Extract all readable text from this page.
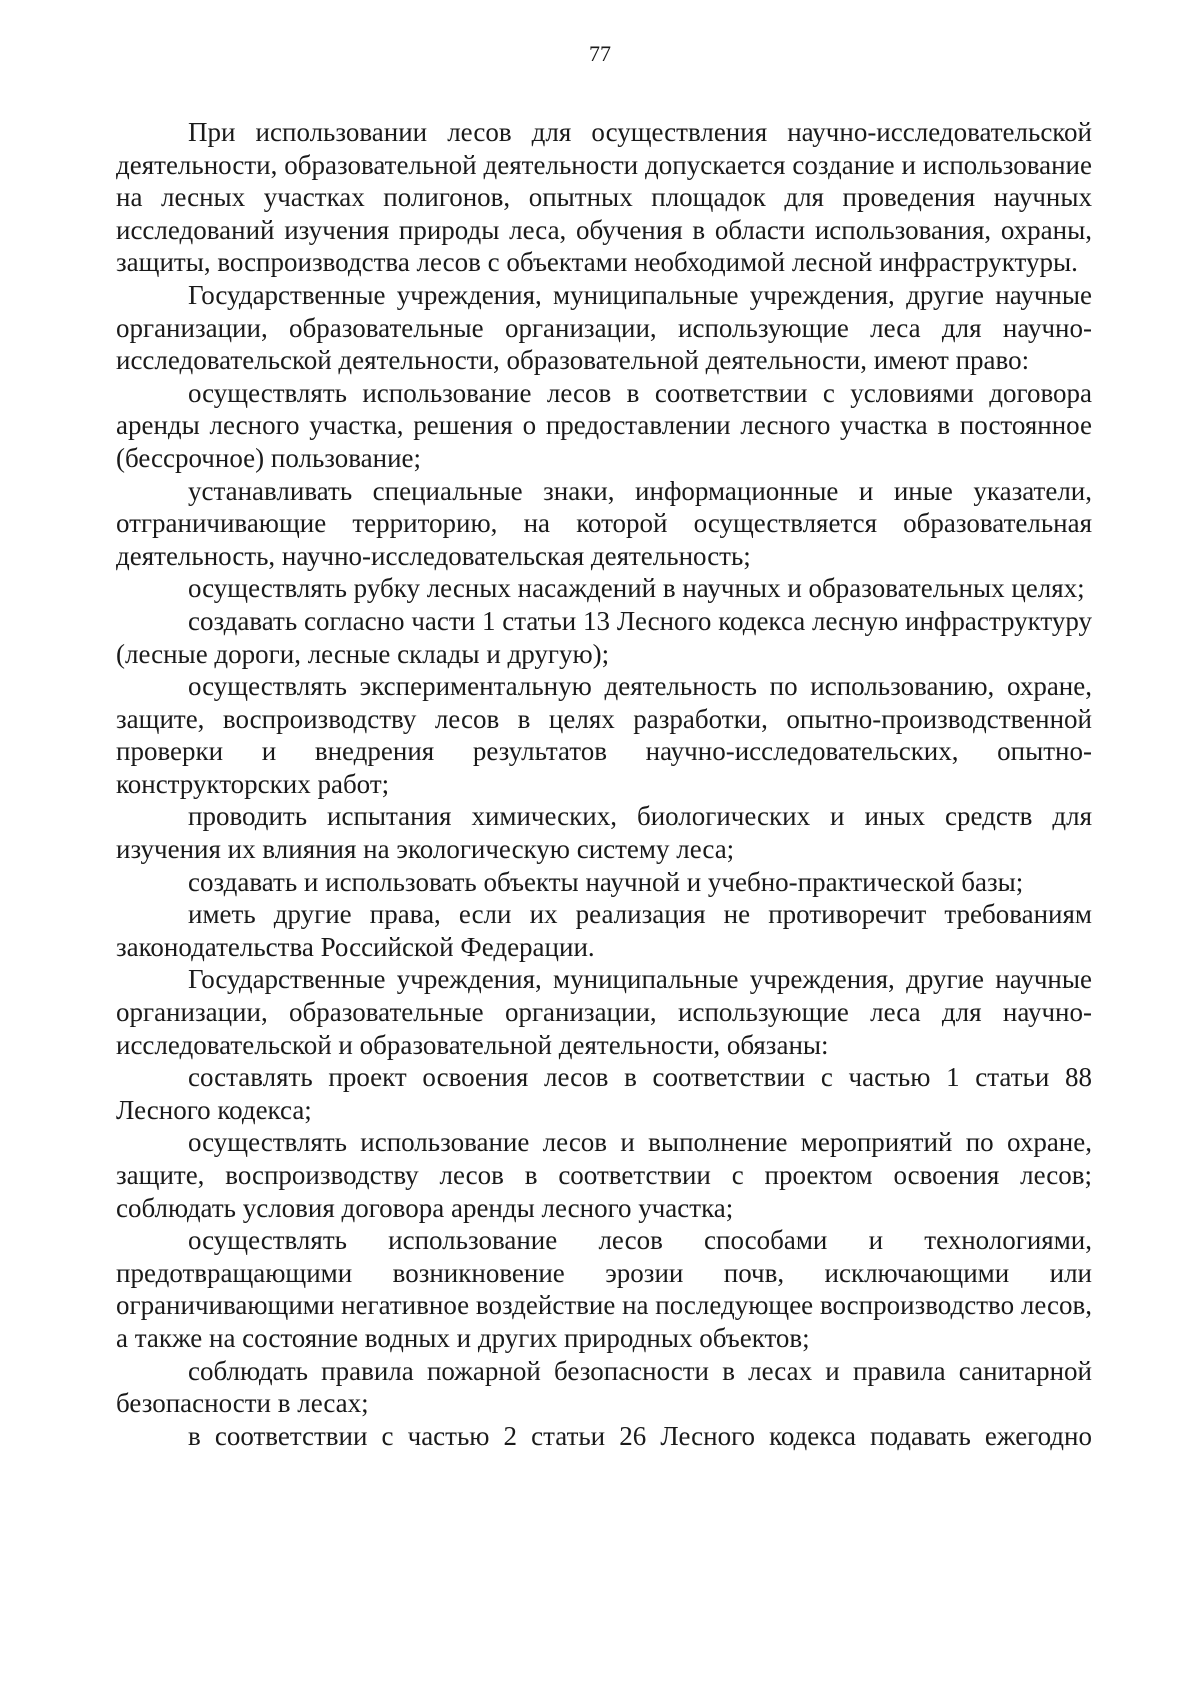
77

При использовании лесов для осуществления научно-исследовательской деятельности, образовательной деятельности допускается создание и использование на лесных участках полигонов, опытных площадок для проведения научных исследований изучения природы леса, обучения в области использования, охраны, защиты, воспроизводства лесов с объектами необходимой лесной инфраструктуры.

Государственные учреждения, муниципальные учреждения, другие научные организации, образовательные организации, использующие леса для научно-исследовательской деятельности, образовательной деятельности, имеют право:

осуществлять использование лесов в соответствии с условиями договора аренды лесного участка, решения о предоставлении лесного участка в постоянное (бессрочное) пользование;

устанавливать специальные знаки, информационные и иные указатели, отграничивающие территорию, на которой осуществляется образовательная деятельность, научно-исследовательская деятельность;

осуществлять рубку лесных насаждений в научных и образовательных целях;

создавать согласно части 1 статьи 13 Лесного кодекса лесную инфраструктуру (лесные дороги, лесные склады и другую);

осуществлять экспериментальную деятельность по использованию, охране, защите, воспроизводству лесов в целях разработки, опытно-производственной проверки и внедрения результатов научно-исследовательских, опытно-конструкторских работ;

проводить испытания химических, биологических и иных средств для изучения их влияния на экологическую систему леса;

создавать и использовать объекты научной и учебно-практической базы;

иметь другие права, если их реализация не противоречит требованиям законодательства Российской Федерации.

Государственные учреждения, муниципальные учреждения, другие научные организации, образовательные организации, использующие леса для научно-исследовательской и образовательной деятельности, обязаны:

составлять проект освоения лесов в соответствии с частью 1 статьи 88 Лесного кодекса;

осуществлять использование лесов и выполнение мероприятий по охране, защите, воспроизводству лесов в соответствии с проектом освоения лесов; соблюдать условия договора аренды лесного участка;

осуществлять использование лесов способами и технологиями, предотвращающими возникновение эрозии почв, исключающими или ограничивающими негативное воздействие на последующее воспроизводство лесов, а также на состояние водных и других природных объектов;

соблюдать правила пожарной безопасности в лесах и правила санитарной безопасности в лесах;

в соответствии с частью 2 статьи 26 Лесного кодекса подавать ежегодно
